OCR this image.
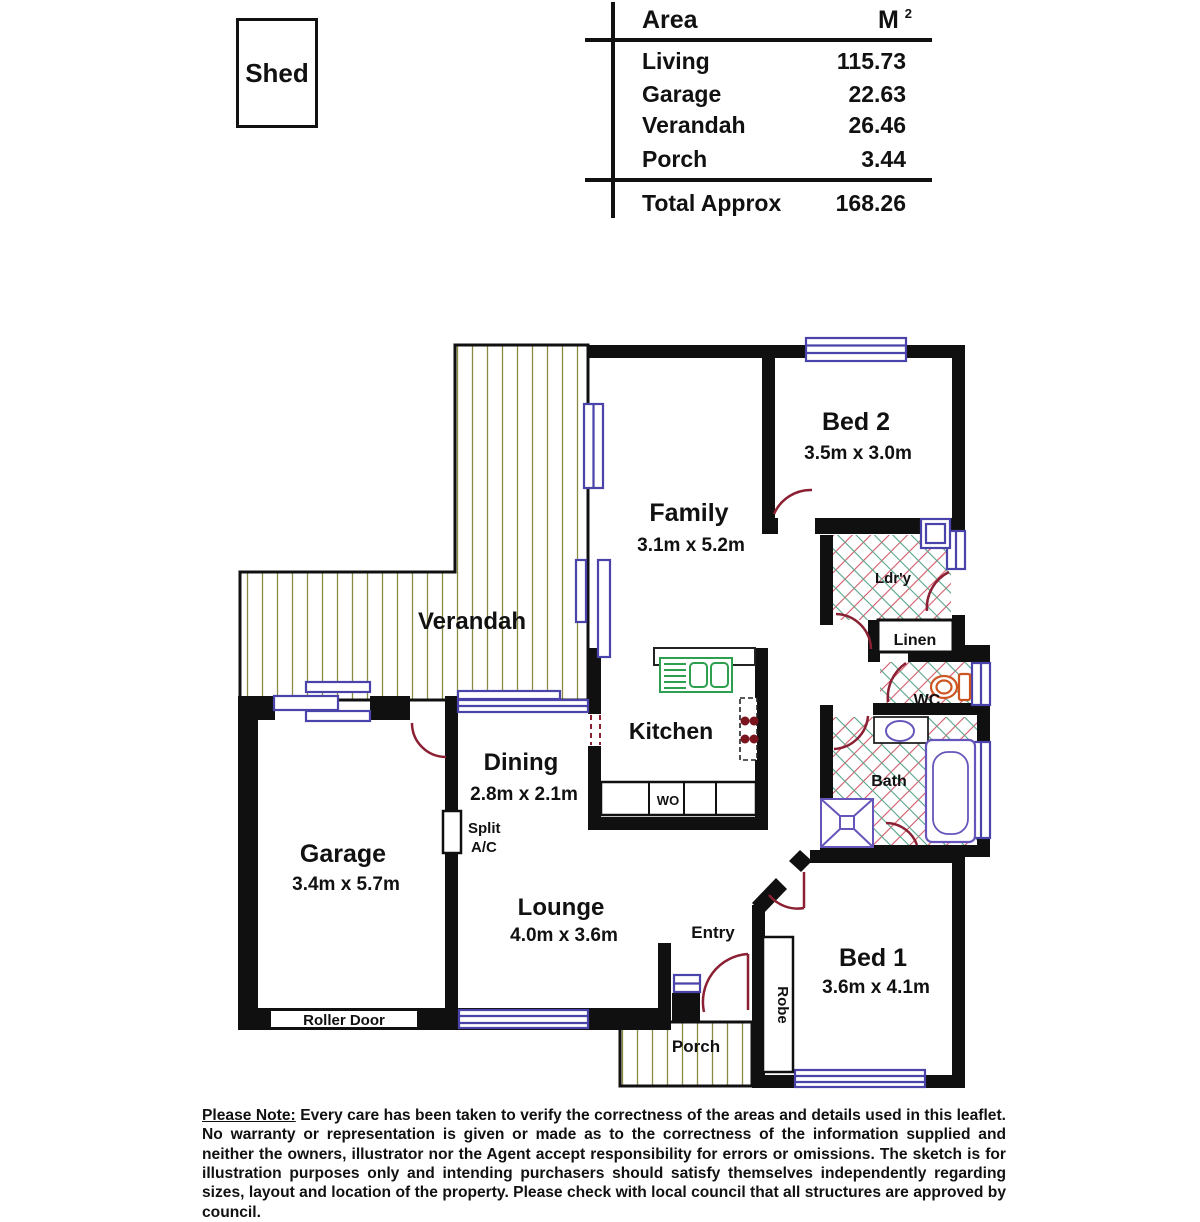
Shed
Area	M $^2$
Living	115.73
Garage	22.63
Verandah	26.46
Porch	3.44
Total Approx	168.26
Verandah
Family
3.1m x 5.2m
Bed 2
3.5m x 3.0m
Ldr'y
Linen
WC
Bath
Kitchen
WO
Dining
2.8m x 2.1m
Lounge
4.0m x 3.6m
Garage
3.4m x 5.7m
Entry
Porch
Bed 1
3.6m x 4.1m
Roller Door	Robe
Split
A/C
Please Note: Every care has been taken to verify the correctness of the areas and details used in this leaflet. No warranty or representation is given or made as to the correctness of the information supplied and neither the owners, illustrator nor the Agent accept responsibility for errors or omissions. The sketch is for illustration purposes only and intending purchasers should satisfy themselves independently regarding sizes, layout and location of the property. Please check with local council that all structures are approved by council.
